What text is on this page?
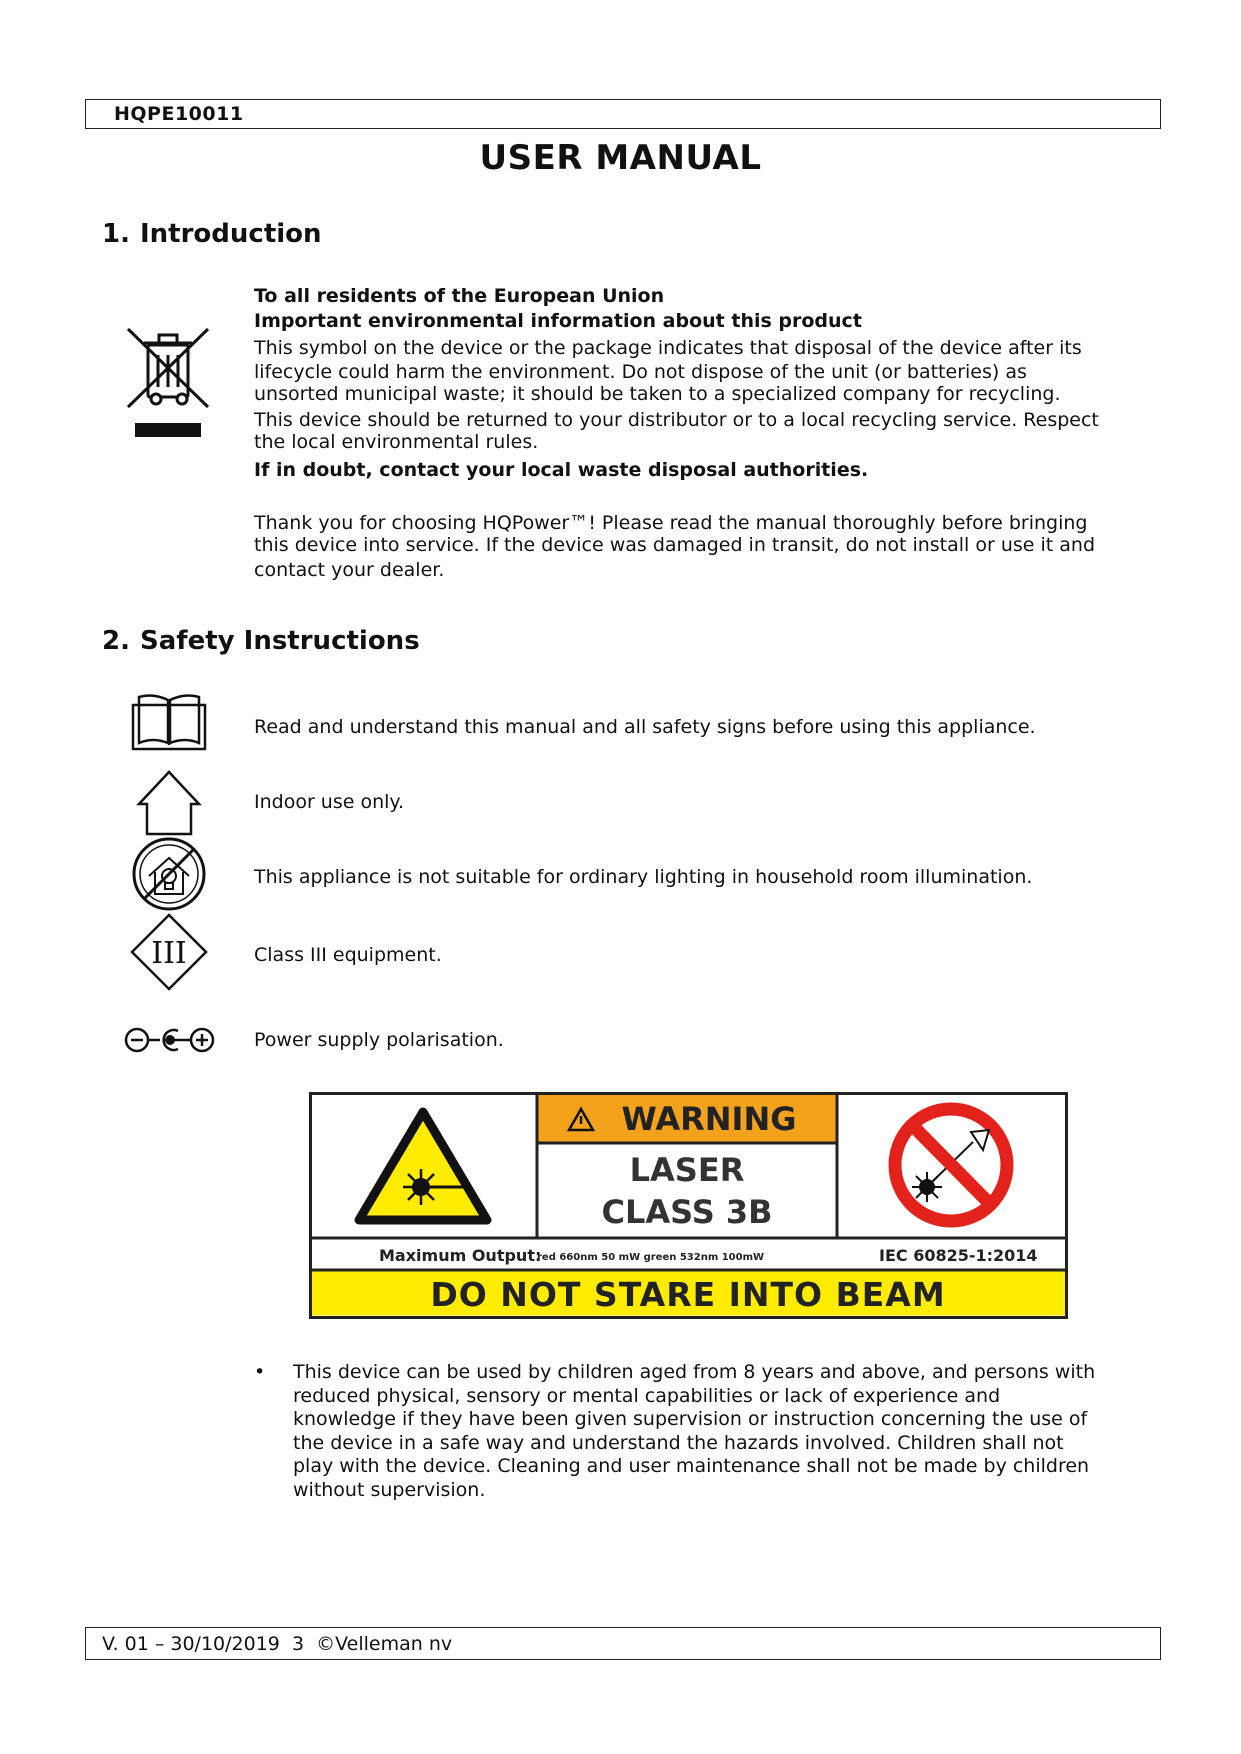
HQPE10011
USER MANUAL
1. Introduction
To all residents of the European Union
Important environmental information about this product
This symbol on the device or the package indicates that disposal of the device after its
lifecycle could harm the environment. Do not dispose of the unit (or batteries) as
unsorted municipal waste; it should be taken to a specialized company for recycling.
This device should be returned to your distributor or to a local recycling service. Respect
the local environmental rules.
If in doubt, contact your local waste disposal authorities.
Thank you for choosing HQPower™! Please read the manual thoroughly before bringing
this device into service. If the device was damaged in transit, do not install or use it and
contact your dealer.
2. Safety Instructions
Read and understand this manual and all safety signs before using this appliance.
Indoor use only.
This appliance is not suitable for ordinary lighting in household room illumination.
III	Class III equipment.
Power supply polarisation.
WARNING
LASER
CLASS 3B
Maximum Output:
red 660nm 50 mW green 532nm 100mW	IEC 60825-1:2014
DO NOT STARE INTO BEAM
• This device can be used by children aged from 8 years and above, and persons with
reduced physical, sensory or mental capabilities or lack of experience and
knowledge if they have been given supervision or instruction concerning the use of
the device in a safe way and understand the hazards involved. Children shall not
play with the device. Cleaning and user maintenance shall not be made by children
without supervision.
V. 01 – 30/10/2019  3  ©Velleman nv
